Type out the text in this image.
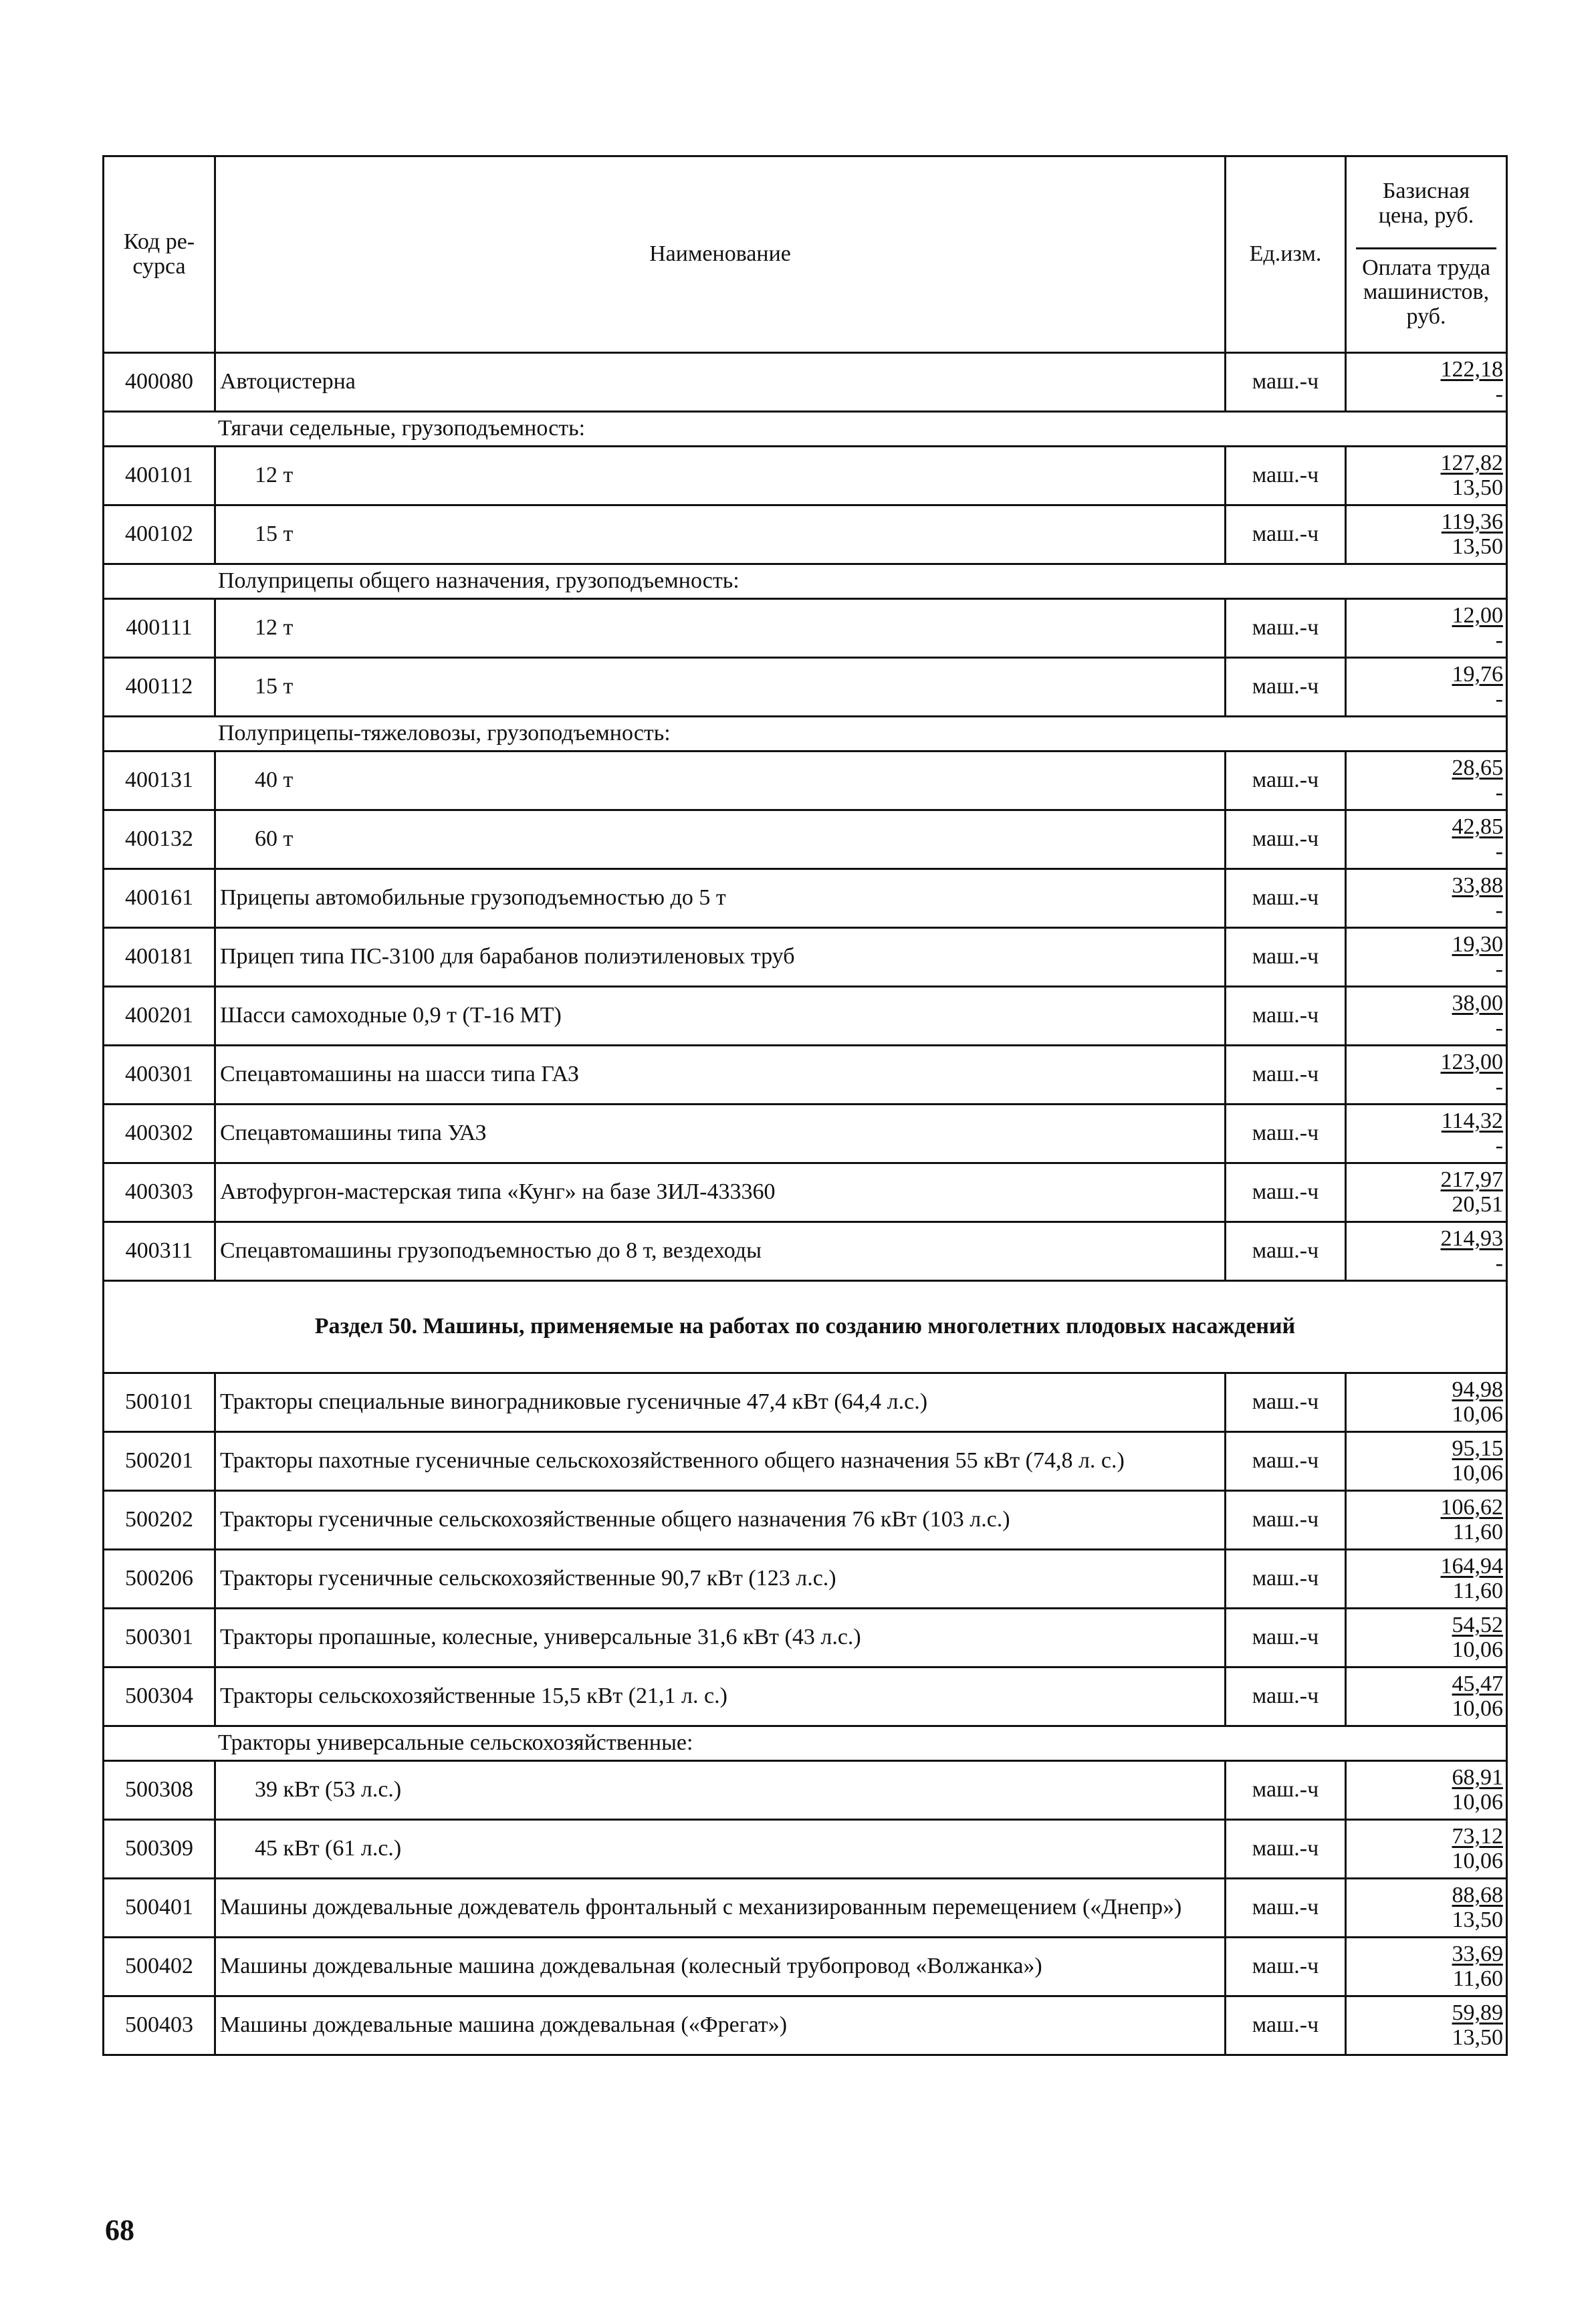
Код ре-
сурса	Наименование	Ед.изм.	Базисная цена, руб.
Оплата труда машинистов, руб.
400080	Автоцистерна	маш.-ч	122,18
-

Тягачи седельные, грузоподъемность:			
400101	12 т	маш.-ч	127,82
13,50

400102	15 т	маш.-ч	119,36
13,50

Полуприцепы общего назначения, грузоподъемность:			
400111	12 т	маш.-ч	12,00
-

400112	15 т	маш.-ч	19,76
-

Полуприцепы-тяжеловозы, грузоподъемность:			
400131	40 т	маш.-ч	28,65
-

400132	60 т	маш.-ч	42,85
-

400161	Прицепы автомобильные грузоподъемностью до 5 т	маш.-ч	33,88
-

400181	Прицеп типа ПС-3100 для барабанов полиэтиленовых труб	маш.-ч	19,30
-

400201	Шасси самоходные 0,9 т (Т-16 МТ)	маш.-ч	38,00
-

400301	Спецавтомашины на шасси типа ГАЗ	маш.-ч	123,00
-

400302	Спецавтомашины типа УАЗ	маш.-ч	114,32
-

400303	Автофургон-мастерская типа «Кунг» на базе ЗИЛ-433360	маш.-ч	217,97
20,51

400311	Спецавтомашины грузоподъемностью до 8 т, вездеходы	маш.-ч	214,93
-

Раздел 50. Машины, применяемые на работах по созданию многолетних плодовых насаждений			
500101	Тракторы специальные виноградниковые гусеничные 47,4 кВт (64,4 л.с.)	маш.-ч	94,98
10,06

500201	Тракторы пахотные гусеничные сельскохозяйственного общего назначения 55 кВт (74,8 л. с.)	маш.-ч	95,15
10,06

500202	Тракторы гусеничные сельскохозяйственные общего назначения 76 кВт (103 л.с.)	маш.-ч	106,62
11,60

500206	Тракторы гусеничные сельскохозяйственные 90,7 кВт (123 л.с.)	маш.-ч	164,94
11,60

500301	Тракторы пропашные, колесные, универсальные 31,6 кВт (43 л.с.)	маш.-ч	54,52
10,06

500304	Тракторы сельскохозяйственные 15,5 кВт (21,1 л. с.)	маш.-ч	45,47
10,06

Тракторы универсальные сельскохозяйственные:			
500308	39 кВт (53 л.с.)	маш.-ч	68,91
10,06

500309	45 кВт (61 л.с.)	маш.-ч	73,12
10,06

500401	Машины дождевальные дождеватель фронтальный с механизированным перемещением («Днепр»)	маш.-ч	88,68
13,50

500402	Машины дождевальные машина дождевальная (колесный трубопровод «Волжанка»)	маш.-ч	33,69
11,60

500403	Машины дождевальные машина дождевальная («Фрегат»)	маш.-ч	59,89
13,50
68
